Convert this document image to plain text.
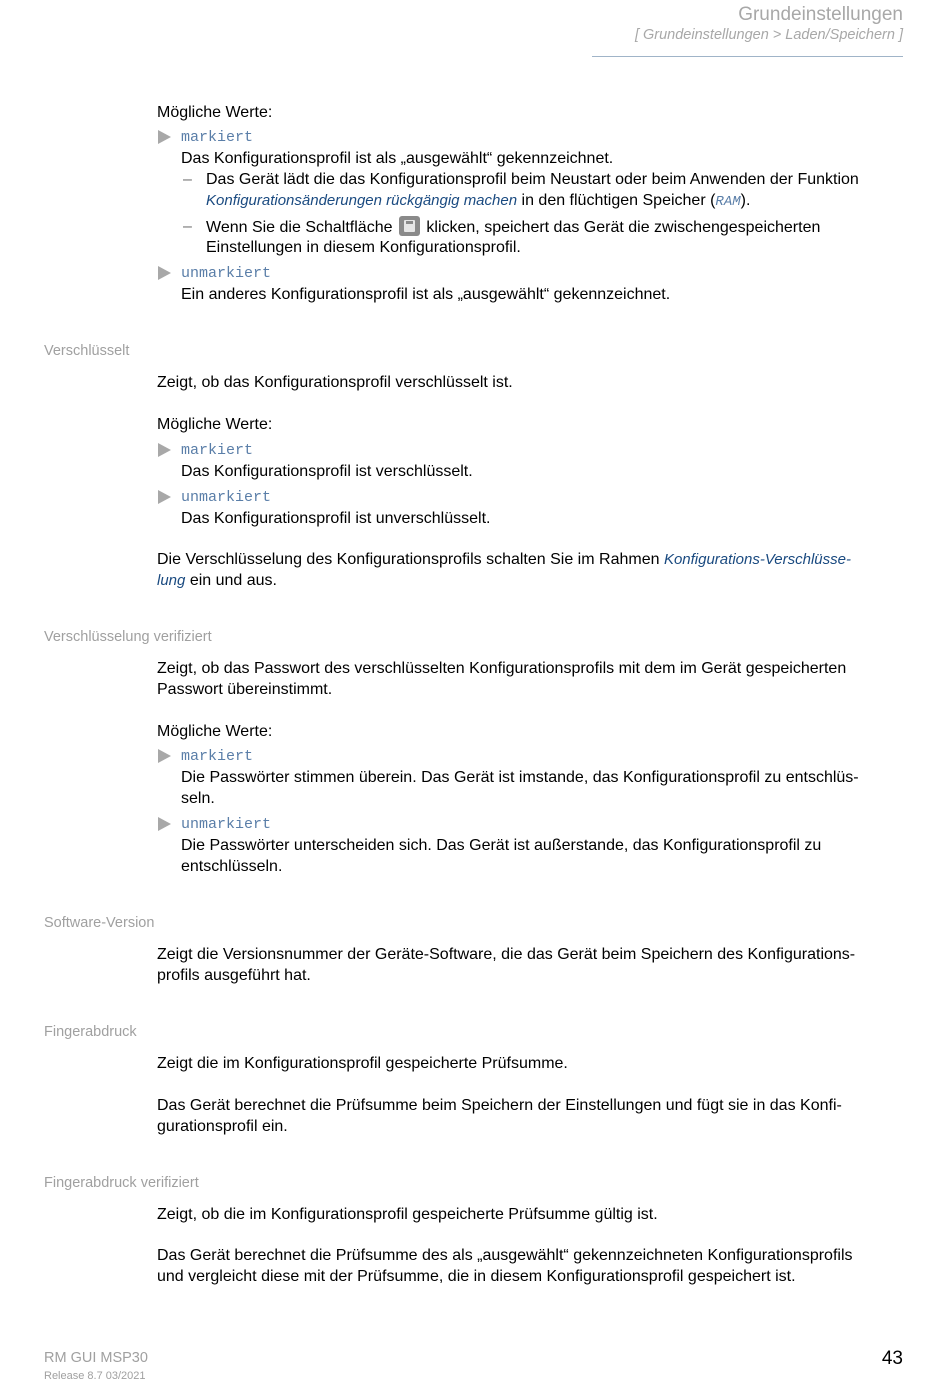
Grundeinstellungen
[ Grundeinstellungen > Laden/Speichern ]
Mögliche Werte:
markiert
Das Konfigurationsprofil ist als „ausgewählt“ gekennzeichnet.
– Das Gerät lädt die das Konfigurationsprofil beim Neustart oder beim Anwenden der Funktion
Konfigurationsänderungen rückgängig machen in den flüchtigen Speicher (RAM).
– Wenn Sie die Schaltfläche klicken, speichert das Gerät die zwischengespeicherten
Einstellungen in diesem Konfigurationsprofil.
unmarkiert
Ein anderes Konfigurationsprofil ist als „ausgewählt“ gekennzeichnet.
Verschlüsselt
Zeigt, ob das Konfigurationsprofil verschlüsselt ist.
Mögliche Werte:
markiert
Das Konfigurationsprofil ist verschlüsselt.
unmarkiert
Das Konfigurationsprofil ist unverschlüsselt.
Die Verschlüsselung des Konfigurationsprofils schalten Sie im Rahmen Konfigurations-Verschlüsse-
lung ein und aus.
Verschlüsselung verifiziert
Zeigt, ob das Passwort des verschlüsselten Konfigurationsprofils mit dem im Gerät gespeicherten
Passwort übereinstimmt.
Mögliche Werte:
markiert
Die Passwörter stimmen überein. Das Gerät ist imstande, das Konfigurationsprofil zu entschlüs-
seln.
unmarkiert
Die Passwörter unterscheiden sich. Das Gerät ist außerstande, das Konfigurationsprofil zu
entschlüsseln.
Software-Version
Zeigt die Versionsnummer der Geräte-Software, die das Gerät beim Speichern des Konfigurations-
profils ausgeführt hat.
Fingerabdruck
Zeigt die im Konfigurationsprofil gespeicherte Prüfsumme.
Das Gerät berechnet die Prüfsumme beim Speichern der Einstellungen und fügt sie in das Konfi-
gurationsprofil ein.
Fingerabdruck verifiziert
Zeigt, ob die im Konfigurationsprofil gespeicherte Prüfsumme gültig ist.
Das Gerät berechnet die Prüfsumme des als „ausgewählt“ gekennzeichneten Konfigurationsprofils
und vergleicht diese mit der Prüfsumme, die in diesem Konfigurationsprofil gespeichert ist.
RM GUI MSP30
Release 8.7 03/2021
43
